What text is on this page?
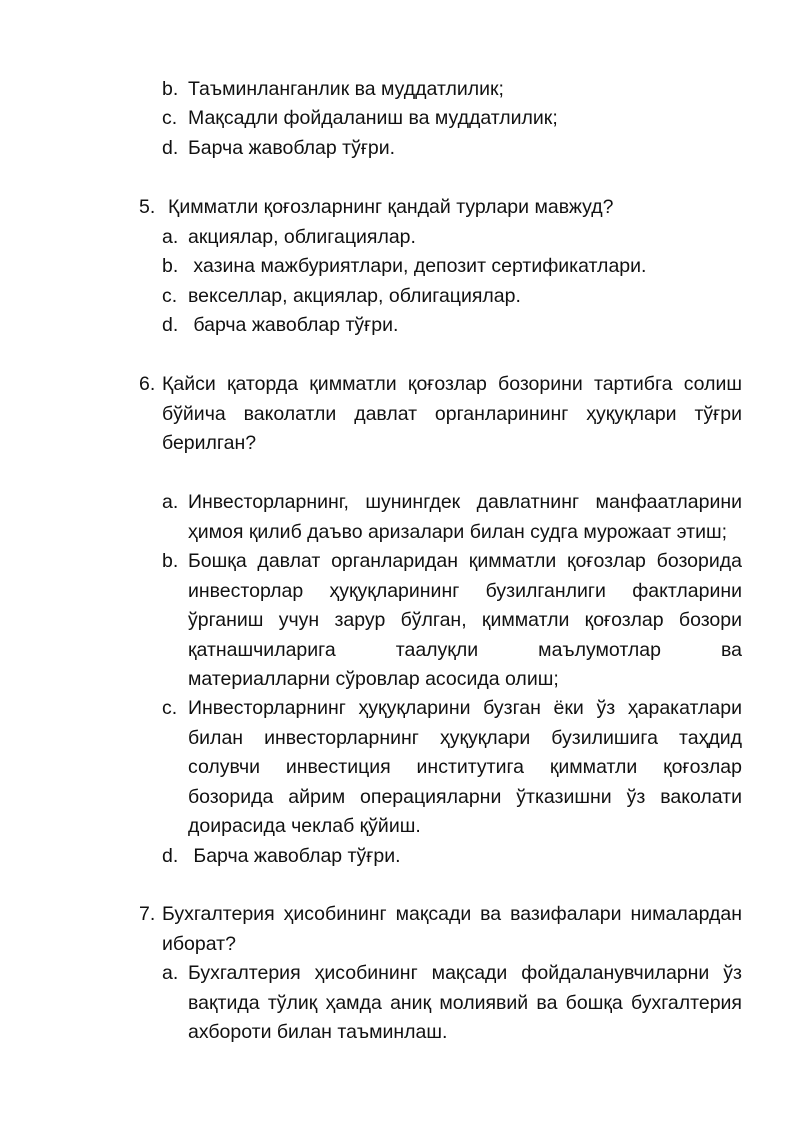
b. Таъминланганлик ва муддатлилик;
c. Мақсадли фойдаланиш ва муддатлилик;
d. Барча жавоблар тўғри.
5. Қимматли қоғозларнинг қандай турлари мавжуд?
a. акциялар, облигациялар.
b. хазина мажбуриятлари, депозит сертификатлари.
c. векселлар, акциялар, облигациялар.
d. барча жавоблар тўғри.
6. Қайси қаторда қимматли қоғозлар бозорини тартибга солиш
бўйича ваколатли давлат органларининг ҳуқуқлари тўғри
берилган?
a. Инвесторларнинг, шунингдек давлатнинг манфаатларини
ҳимоя қилиб даъво аризалари билан судга мурожаат этиш;
b. Бошқа давлат органларидан қимматли қоғозлар бозорида
инвесторлар ҳуқуқларининг бузилганлиги фактларини
ўрганиш учун зарур бўлган, қимматли қоғозлар бозори
қатнашчиларига таалуқли маълумотлар ва
материалларни сўровлар асосида олиш;
c. Инвесторларнинг ҳуқуқларини бузган ёки ўз ҳаракатлари
билан инвесторларнинг ҳуқуқлари бузилишига таҳдид
солувчи инвестиция институтига қимматли қоғозлар
бозорида айрим операцияларни ўтказишни ўз ваколати
доирасида чеклаб қўйиш.
d. Барча жавоблар тўғри.
7. Бухгалтерия ҳисобининг мақсади ва вазифалари нималардан
иборат?
a. Бухгалтерия ҳисобининг мақсади фойдаланувчиларни ўз
вақтида тўлиқ ҳамда аниқ молиявий ва бошқа бухгалтерия
ахбороти билан таъминлаш.
